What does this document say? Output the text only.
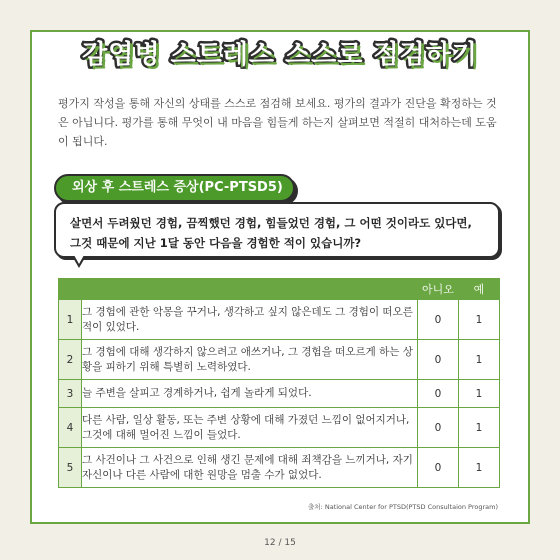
감염병 스트레스 스스로 점검하기
평가지 작성을 통해 자신의 상태를 스스로 점검해 보세요. 평가의 결과가 진단을 확정하는 것은 아닙니다. 평가를 통해 무엇이 내 마음을 힘들게 하는지 살펴보면 적절히 대처하는데 도움이 됩니다.
외상 후 스트레스 증상(PC-PTSD5)
살면서 두려웠던 경험, 끔찍했던 경험, 힘들었던 경험, 그 어떤 것이라도 있다면, 그것 때문에 지난 1달 동안 다음을 경험한 적이 있습니까?
		아니오	예
1	그 경험에 관한 악몽을 꾸거나, 생각하고 싶지 않은데도 그 경험이 떠오른 적이 있었다.	0	1
2	그 경험에 대해 생각하지 않으려고 애쓰거나, 그 경험을 떠오르게 하는 상황을 피하기 위해 특별히 노력하였다.	0	1
3	늘 주변을 살피고 경계하거나, 쉽게 놀라게 되었다.	0	1
4	다른 사람, 일상 활동, 또는 주변 상황에 대해 가졌던 느낌이 없어지거나, 그것에 대해 멀어진 느낌이 들었다.	0	1
5	그 사건이나 그 사건으로 인해 생긴 문제에 대해 죄책감을 느끼거나, 자기 자신이나 다른 사람에 대한 원망을 멈출 수가 없었다.	0	1
출처: National Center for PTSD(PTSD Consultaion Program)
12 / 15
